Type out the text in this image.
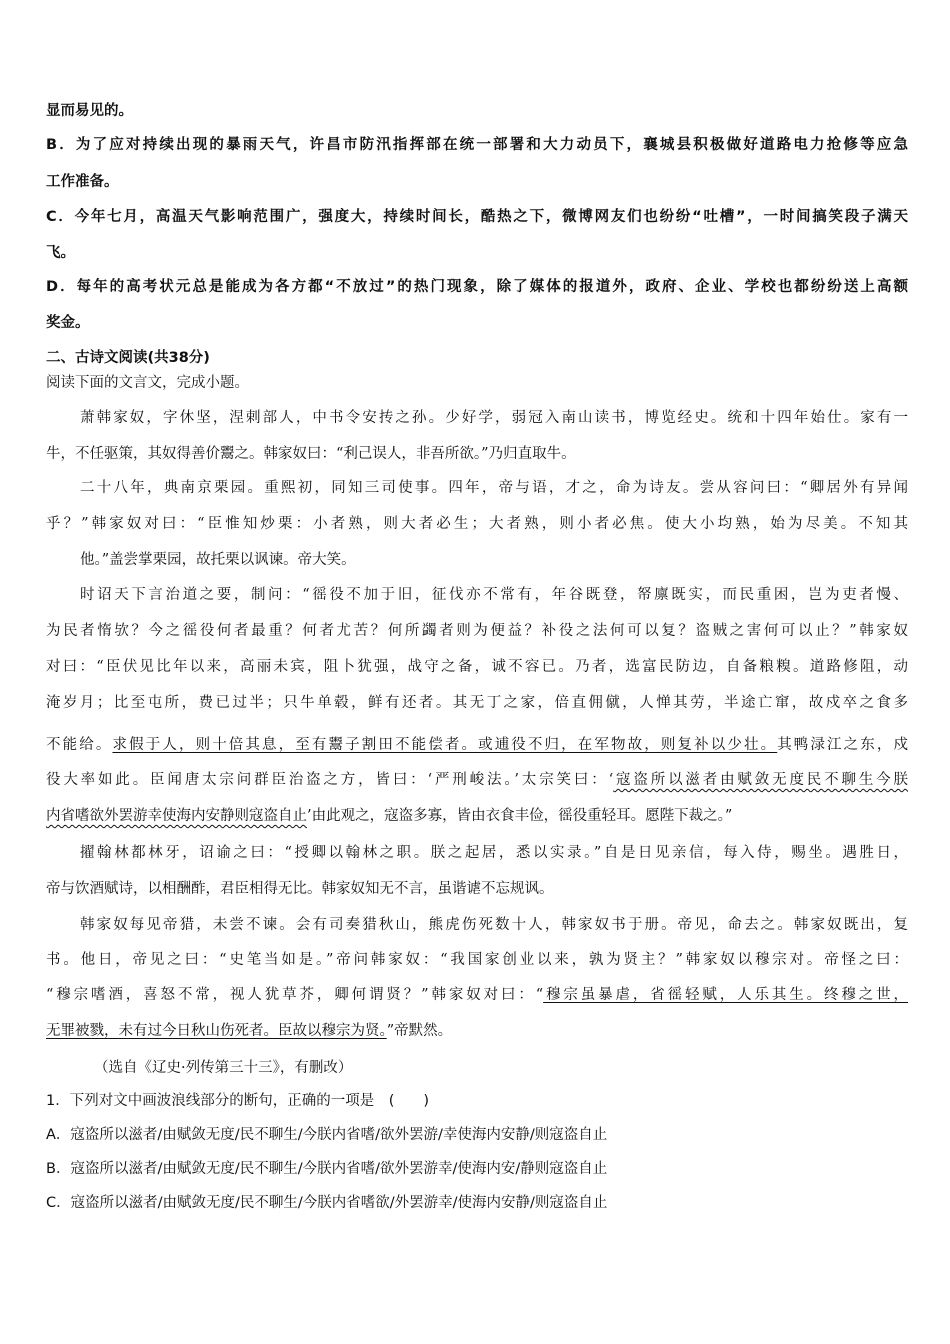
显而易见的。
B．为了应对持续出现的暴雨天气，许昌市防汛指挥部在统一部署和大力动员下，襄城县积极做好道路电力抢修等应急
工作准备。
C．今年七月，高温天气影响范围广，强度大，持续时间长，酷热之下，微博网友们也纷纷“吐槽”，一时间搞笑段子满天
飞。
D．每年的高考状元总是能成为各方都“不放过”的热门现象，除了媒体的报道外，政府、企业、学校也都纷纷送上高额
奖金。
二、古诗文阅读(共38分)
阅读下面的文言文，完成小题。
萧韩家奴，字休坚，涅剌部人，中书令安抟之孙。少好学，弱冠入南山读书，博览经史。统和十四年始仕。家有一
牛，不任驱策，其奴得善价鬻之。韩家奴曰：“利己误人，非吾所欲。”乃归直取牛。
二十八年，典南京栗园。重熙初，同知三司使事。四年，帝与语，才之，命为诗友。尝从容问曰：“卿居外有异闻
乎？”韩家奴对曰：“臣惟知炒栗：小者熟，则大者必生；大者熟，则小者必焦。使大小均熟，始为尽美。不知其
他。”盖尝掌栗园，故托栗以讽谏。帝大笑。
时诏天下言治道之要，制问：“徭役不加于旧，征伐亦不常有，年谷既登，帑廪既实，而民重困，岂为吏者慢、
为民者惰欤？今之徭役何者最重？何者尤苦？何所蠲者则为便益？补役之法何可以复？盗贼之害何可以止？”韩家奴
对曰：“臣伏见比年以来，高丽未宾，阻卜犹强，战守之备，诚不容已。乃者，选富民防边，自备粮糗。道路修阻，动
淹岁月；比至屯所，费已过半；只牛单毂，鲜有还者。其无丁之家，倍直佣僦，人惮其劳，半途亡窜，故戍卒之食多
不能给。求假于人，则十倍其息，至有鬻子割田不能偿者。或逋役不归，在军物故，则复补以少壮。其鸭渌江之东，戍
役大率如此。臣闻唐太宗问群臣治盗之方，皆曰：‘严刑峻法。’太宗笑曰：‘寇盗所以滋者由赋敛无度民不聊生今朕
内省嗜欲外罢游幸使海内安静则寇盗自止’由此观之，寇盗多寡，皆由衣食丰俭，徭役重轻耳。愿陛下裁之。”
擢翰林都林牙，诏谕之曰：“授卿以翰林之职。朕之起居，悉以实录。”自是日见亲信，每入侍，赐坐。遇胜日，
帝与饮酒赋诗，以相酬酢，君臣相得无比。韩家奴知无不言，虽谐谑不忘规讽。
韩家奴每见帝猎，未尝不谏。会有司奏猎秋山，熊虎伤死数十人，韩家奴书于册。帝见，命去之。韩家奴既出，复
书。他日，帝见之曰：“史笔当如是。”帝问韩家奴：“我国家创业以来，孰为贤主？”韩家奴以穆宗对。帝怪之曰：
“穆宗嗜酒，喜怒不常，视人犹草芥，卿何谓贤？”韩家奴对曰：“穆宗虽暴虐，省徭轻赋，人乐其生。终穆之世，
无罪被戮，未有过今日秋山伤死者。臣故以穆宗为贤。”帝默然。
（选自《辽史·列传第三十三》，有删改）
1．下列对文中画波浪线部分的断句，正确的一项是　(　　)
A．寇盗所以滋者/由赋敛无度/民不聊生/今朕内省嗜/欲外罢游/幸使海内安静/则寇盗自止
B．寇盗所以滋者/由赋敛无度/民不聊生/今朕内省嗜/欲外罢游幸/使海内安/静则寇盗自止
C．寇盗所以滋者/由赋敛无度/民不聊生/今朕内省嗜欲/外罢游幸/使海内安静/则寇盗自止
